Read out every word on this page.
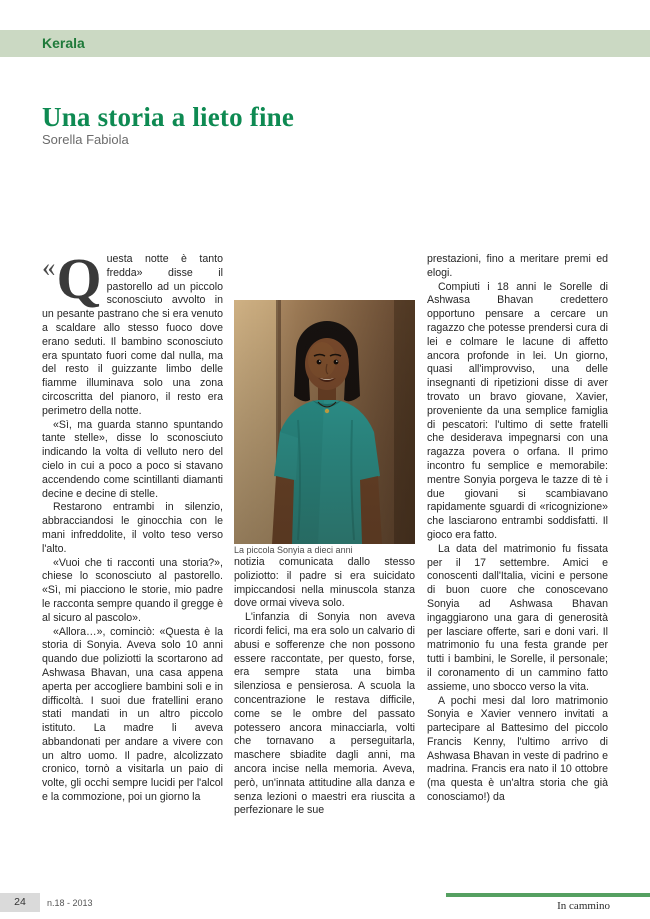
Kerala
Una storia a lieto fine
Sorella Fabiola

« Q uesta notte è tanto fredda» disse il pastorello ad un piccolo sconosciuto avvolto in un pesante pastrano che si era venuto a scaldare allo stesso fuoco dove erano seduti. Il bambino sconosciuto era spuntato fuori come dal nulla, ma del resto il guizzante limbo delle fiamme illuminava solo una zona circoscritta del pianoro, il resto era perimetro della notte.

«Sì, ma guarda stanno spuntando tante stelle», disse lo sconosciuto indicando la volta di velluto nero del cielo in cui a poco a poco si stavano accendendo come scintillanti diamanti decine e decine di stelle.

Restarono entrambi in silenzio, abbracciandosi le ginocchia con le mani infreddolite, il volto teso verso l'alto.

«Vuoi che ti racconti una storia?», chiese lo sconosciuto al pastorello. «Sì, mi piacciono le storie, mio padre le racconta sempre quando il gregge è al sicuro al pascolo».

«Allora…», cominciò: «Questa è la storia di Sonyia. Aveva solo 10 anni quando due poliziotti la scortarono ad Ashwasa Bhavan, una casa appena aperta per accogliere bambini soli e in difficoltà. I suoi due fratellini erano stati mandati in un altro piccolo istituto. La madre li aveva abbandonati per andare a vivere con un altro uomo. Il padre, alcolizzato cronico, tornò a visitarla un paio di volte, gli occhi sempre lucidi per l'alcol e la commozione, poi un giorno la

La piccola Sonyia a dieci anni

notizia comunicata dallo stesso poliziotto: il padre si era suicidato impiccandosi nella minuscola stanza dove ormai viveva solo.

L'infanzia di Sonyia non aveva ricordi felici, ma era solo un calvario di abusi e sofferenze che non possono essere raccontate, per questo, forse, era sempre stata una bimba silenziosa e pensierosa. A scuola la concentrazione le restava difficile, come se le ombre del passato potessero ancora minacciarla, volti che tornavano a perseguitarla, maschere sbiadite dagli anni, ma ancora incise nella memoria. Aveva, però, un'innata attitudine alla danza e senza lezioni o maestri era riuscita a perfezionare le sue

prestazioni, fino a meritare premi ed elogi.

Compiuti i 18 anni le Sorelle di Ashwasa Bhavan credettero opportuno pensare a cercare un ragazzo che potesse prendersi cura di lei e colmare le lacune di affetto ancora profonde in lei. Un giorno, quasi all'improvviso, una delle insegnanti di ripetizioni disse di aver trovato un bravo giovane, Xavier, proveniente da una semplice famiglia di pescatori: l'ultimo di sette fratelli che desiderava impegnarsi con una ragazza povera o orfana. Il primo incontro fu semplice e memorabile: mentre Sonyia porgeva le tazze di tè i due giovani si scambiavano rapidamente sguardi di «ricognizione» che lasciarono entrambi soddisfatti. Il gioco era fatto.

La data del matrimonio fu fissata per il 17 settembre. Amici e conoscenti dall'Italia, vicini e persone di buon cuore che conoscevano Sonyia ad Ashwasa Bhavan ingaggiarono una gara di generosità per lasciare offerte, sari e doni vari. Il matrimonio fu una festa grande per tutti i bambini, le Sorelle, il personale; il coronamento di un cammino fatto assieme, uno sbocco verso la vita.

A pochi mesi dal loro matrimonio Sonyia e Xavier vennero invitati a partecipare al Battesimo del piccolo Francis Kenny, l'ultimo arrivo di Ashwasa Bhavan in veste di padrino e madrina. Francis era nato il 10 ottobre (ma questa è un'altra storia che già conosciamo!) da

24	n.18 - 2013	In cammino
